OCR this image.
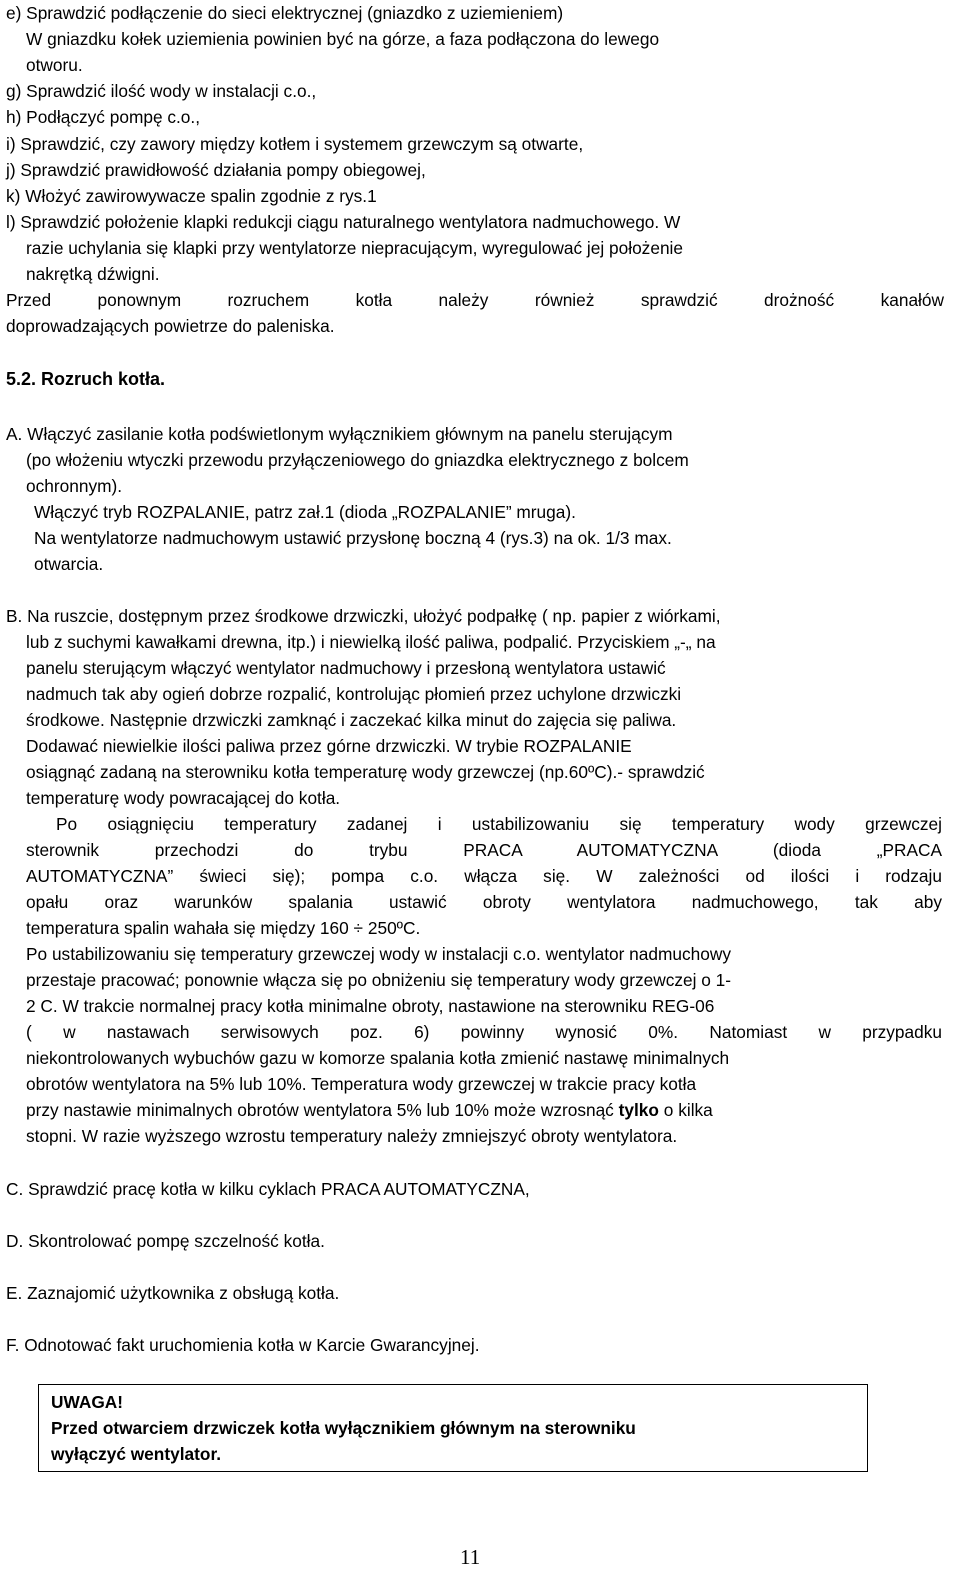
e) Sprawdzić podłączenie do sieci elektrycznej (gniazdko z uziemieniem)
W gniazdku kołek uziemienia powinien być na górze, a faza podłączona do lewego
otworu.
g) Sprawdzić ilość wody w instalacji c.o.,
h) Podłączyć pompę c.o.,
i) Sprawdzić, czy zawory między kotłem i systemem grzewczym są otwarte,
j) Sprawdzić prawidłowość działania pompy obiegowej,
k) Włożyć zawirowywacze spalin zgodnie z rys.1
l) Sprawdzić położenie klapki redukcji ciągu naturalnego wentylatora nadmuchowego. W
razie uchylania się klapki przy wentylatorze niepracującym, wyregulować jej położenie
nakrętką dźwigni.
Przed ponownym rozruchem kotła należy również sprawdzić drożność kanałów
doprowadzających powietrze do paleniska.
5.2. Rozruch kotła.
A. Włączyć zasilanie kotła podświetlonym wyłącznikiem głównym na panelu sterującym
(po włożeniu wtyczki przewodu przyłączeniowego do gniazdka elektrycznego z bolcem
ochronnym).
Włączyć tryb ROZPALANIE, patrz zał.1 (dioda „ROZPALANIE” mruga).
Na wentylatorze nadmuchowym ustawić przysłonę boczną 4 (rys.3) na ok. 1/3 max.
otwarcia.
B. Na ruszcie, dostępnym przez środkowe drzwiczki, ułożyć podpałkę ( np. papier z wiórkami,
lub z suchymi kawałkami drewna, itp.) i niewielką ilość paliwa, podpalić. Przyciskiem „-„ na
panelu sterującym włączyć wentylator nadmuchowy i przesłoną wentylatora ustawić
nadmuch tak aby ogień dobrze rozpalić, kontrolując płomień przez uchylone drzwiczki
środkowe. Następnie drzwiczki zamknąć i zaczekać kilka minut do zajęcia się paliwa.
Dodawać niewielkie ilości paliwa przez górne drzwiczki. W trybie ROZPALANIE
osiągnąć zadaną na sterowniku kotła temperaturę wody grzewczej (np.60ºC).- sprawdzić
temperaturę wody powracającej do kotła.
Po osiągnięciu temperatury zadanej i ustabilizowaniu się temperatury wody grzewczej
sterownik przechodzi do trybu PRACA AUTOMATYCZNA (dioda „PRACA
AUTOMATYCZNA” świeci się); pompa c.o. włącza się. W zależności od ilości i rodzaju
opału oraz warunków spalania ustawić obroty wentylatora nadmuchowego, tak aby
temperatura spalin wahała się między 160 ÷ 250ºC.
Po ustabilizowaniu się temperatury grzewczej wody w instalacji c.o. wentylator nadmuchowy
przestaje pracować; ponownie włącza się po obniżeniu się temperatury wody grzewczej o 1-
2 C. W trakcie normalnej pracy kotła minimalne obroty, nastawione na sterowniku REG-06
( w nastawach serwisowych poz. 6) powinny wynosić 0%. Natomiast w przypadku
niekontrolowanych wybuchów gazu w komorze spalania kotła zmienić nastawę minimalnych
obrotów wentylatora na 5% lub 10%. Temperatura wody grzewczej w trakcie pracy kotła
przy nastawie minimalnych obrotów wentylatora 5% lub 10% może wzrosnąć tylko o kilka
stopni. W razie wyższego wzrostu temperatury należy zmniejszyć obroty wentylatora.
C. Sprawdzić pracę kotła w kilku cyklach PRACA AUTOMATYCZNA,
D. Skontrolować pompę szczelność kotła.
E. Zaznajomić użytkownika z obsługą kotła.
F. Odnotować fakt uruchomienia kotła w Karcie Gwarancyjnej.
UWAGA!
Przed otwarciem drzwiczek kotła wyłącznikiem głównym na sterowniku
wyłączyć wentylator.
11
